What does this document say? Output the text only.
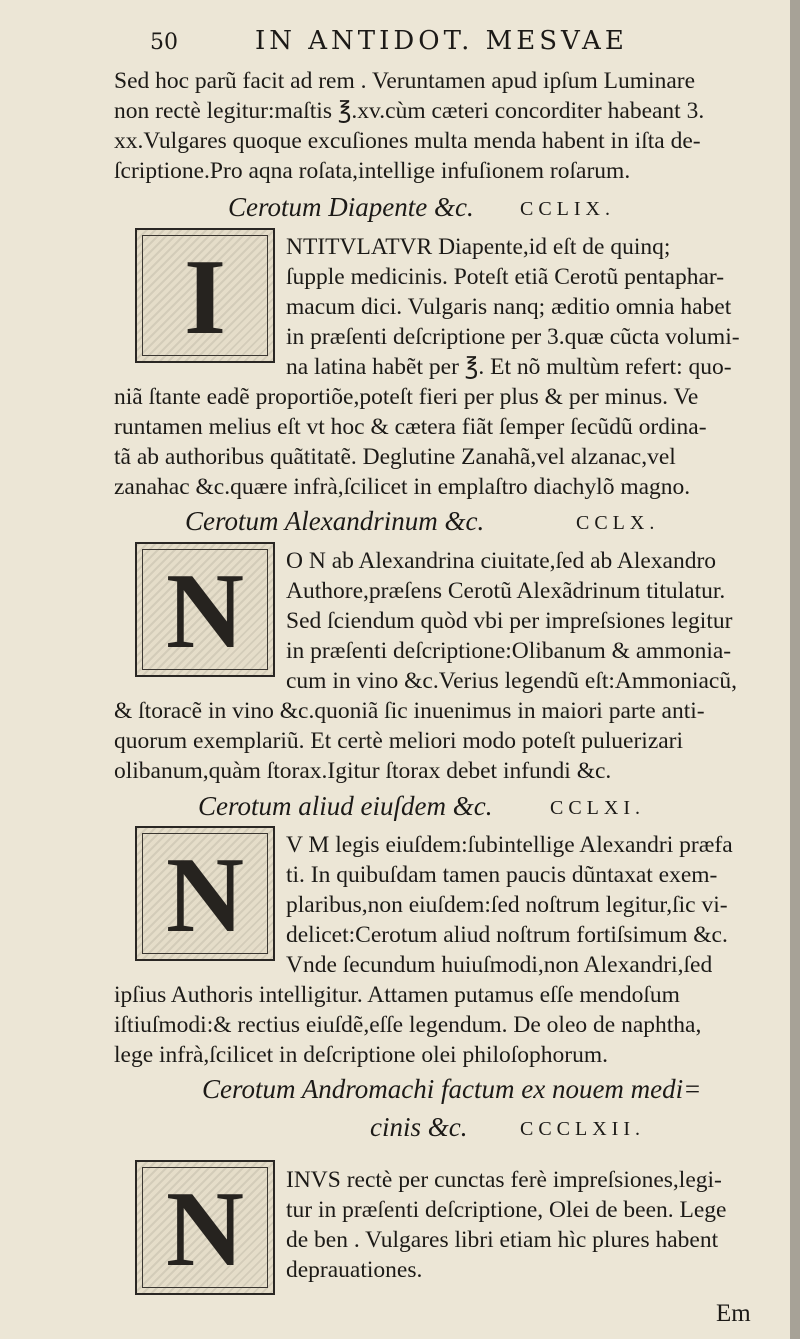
50	IN ANTIDOT. MESVAE
Sed hoc parũ facit ad rem . Veruntamen apud ipſum Luminare
non rectè legitur:maſtis ℥.xv.cùm cæteri concorditer habeant 3.
xx.Vulgares quoque excuſiones multa menda habent in iſta de-
ſcriptione.Pro aqna roſata,intellige infuſionem roſarum.
Cerotum Diapente &c. CCLIX.
I	NTITVLATVR Diapente,id eſt de quinq;
ſupple medicinis. Poteſt etiã Cerotũ pentaphar-
macum dici. Vulgaris nanq; æditio omnia habet
in præſenti deſcriptione per 3.quæ cũcta volumi-
na latina habẽt per ℥. Et nõ multùm refert: quo-
niã ſtante eadẽ proportiõe,poteſt fieri per plus & per minus. Ve
runtamen melius eſt vt hoc & cætera fiãt ſemper ſecũdũ ordina-
tã ab authoribus quãtitatẽ. Deglutine Zanahã,vel alzanac,vel
zanahac &c.quære infrà,ſcilicet in emplaſtro diachylõ magno.
Cerotum Alexandrinum &c.	CCLX.
N	O N ab Alexandrina ciuitate,ſed ab Alexandro
Authore,præſens Cerotũ Alexãdrinum titulatur.
Sed ſciendum quòd vbi per impreſsiones legitur
in præſenti deſcriptione:Olibanum & ammonia-
cum in vino &c.Verius legendũ eſt:Ammoniacũ,
& ſtoracẽ in vino &c.quoniã ſic inuenimus in maiori parte anti-
quorum exemplariũ. Et certè meliori modo poteſt puluerizari
olibanum,quàm ſtorax.Igitur ſtorax debet infundi &c.
Cerotum aliud eiuſdem &c.	CCLXI.
N	V M legis eiuſdem:ſubintellige Alexandri præfa
ti. In quibuſdam tamen paucis dũntaxat exem-
plaribus,non eiuſdem:ſed noſtrum legitur,ſic vi-
delicet:Cerotum aliud noſtrum fortiſsimum &c.
Vnde ſecundum huiuſmodi,non Alexandri,ſed
ipſius Authoris intelligitur. Attamen putamus eſſe mendoſum
iſtiuſmodi:& rectius eiuſdẽ,eſſe legendum. De oleo de naphtha,
lege infrà,ſcilicet in deſcriptione olei philoſophorum.
Cerotum Andromachi factum ex nouem medi=
cinis &c.	CCCLXII.
N	INVS rectè per cunctas ferè impreſsiones,legi-
tur in præſenti deſcriptione, Olei de been. Lege
de ben . Vulgares libri etiam hìc plures habent
deprauationes.
Em
